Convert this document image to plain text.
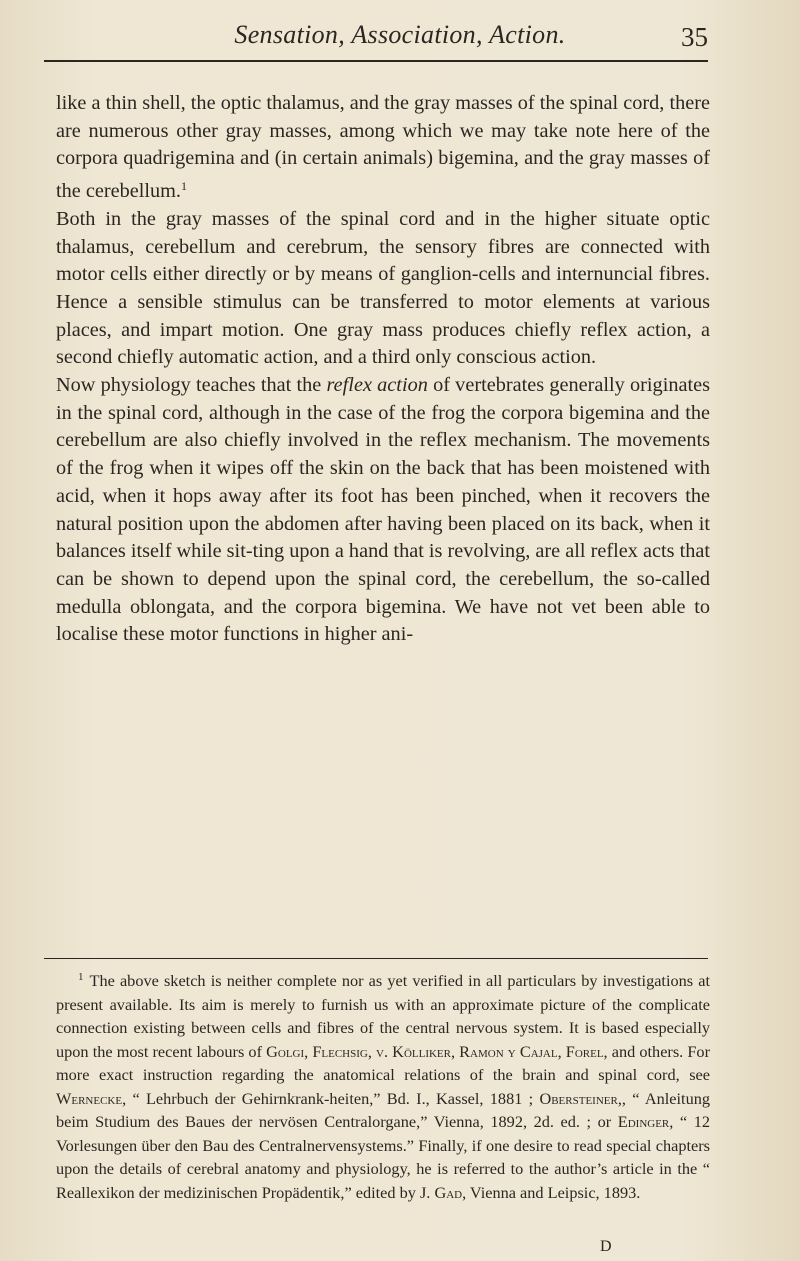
Sensation, Association, Action.	35

like a thin shell, the optic thalamus, and the gray masses of the spinal cord, there are numerous other gray masses, among which we may take note here of the corpora quadrigemina and (in certain animals) bigemina, and the gray masses of the cerebellum.$^1$

Both in the gray masses of the spinal cord and in the higher situate optic thalamus, cerebellum and cerebrum, the sensory fibres are connected with motor cells either directly or by means of ganglion-cells and internuncial fibres. Hence a sensible stimulus can be transferred to motor elements at various places, and impart motion. One gray mass produces chiefly reflex action, a second chiefly automatic action, and a third only conscious action.

Now physiology teaches that the reflex action of vertebrates generally originates in the spinal cord, although in the case of the frog the corpora bigemina and the cerebellum are also chiefly involved in the reflex mechanism. The movements of the frog when it wipes off the skin on the back that has been moistened with acid, when it hops away after its foot has been pinched, when it recovers the natural position upon the abdomen after having been placed on its back, when it balances itself while sit-ting upon a hand that is revolving, are all reflex acts that can be shown to depend upon the spinal cord, the cerebellum, the so-called medulla oblongata, and the corpora bigemina. We have not vet been able to localise these motor functions in higher ani-

$^1$ The above sketch is neither complete nor as yet verified in all particulars by investigations at present available. Its aim is merely to furnish us with an approximate picture of the complicate connection existing between cells and fibres of the central nervous system. It is based especially upon the most recent labours of Golgi, Flechsig, v. Kölliker, Ramon y Cajal, Forel, and others. For more exact instruction regarding the anatomical relations of the brain and spinal cord, see Wernecke, “ Lehrbuch der Gehirnkrank-heiten,” Bd. I., Kassel, 1881 ; Obersteiner,, “ Anleitung beim Studium des Baues der nervösen Centralorgane,” Vienna, 1892, 2d. ed. ; or Edinger, “ 12 Vorlesungen über den Bau des Centralnervensystems.” Finally, if one desire to read special chapters upon the details of cerebral anatomy and physiology, he is referred to the author’s article in the “ Reallexikon der medizinischen Propädentik,” edited by J. Gad, Vienna and Leipsic, 1893.

D
